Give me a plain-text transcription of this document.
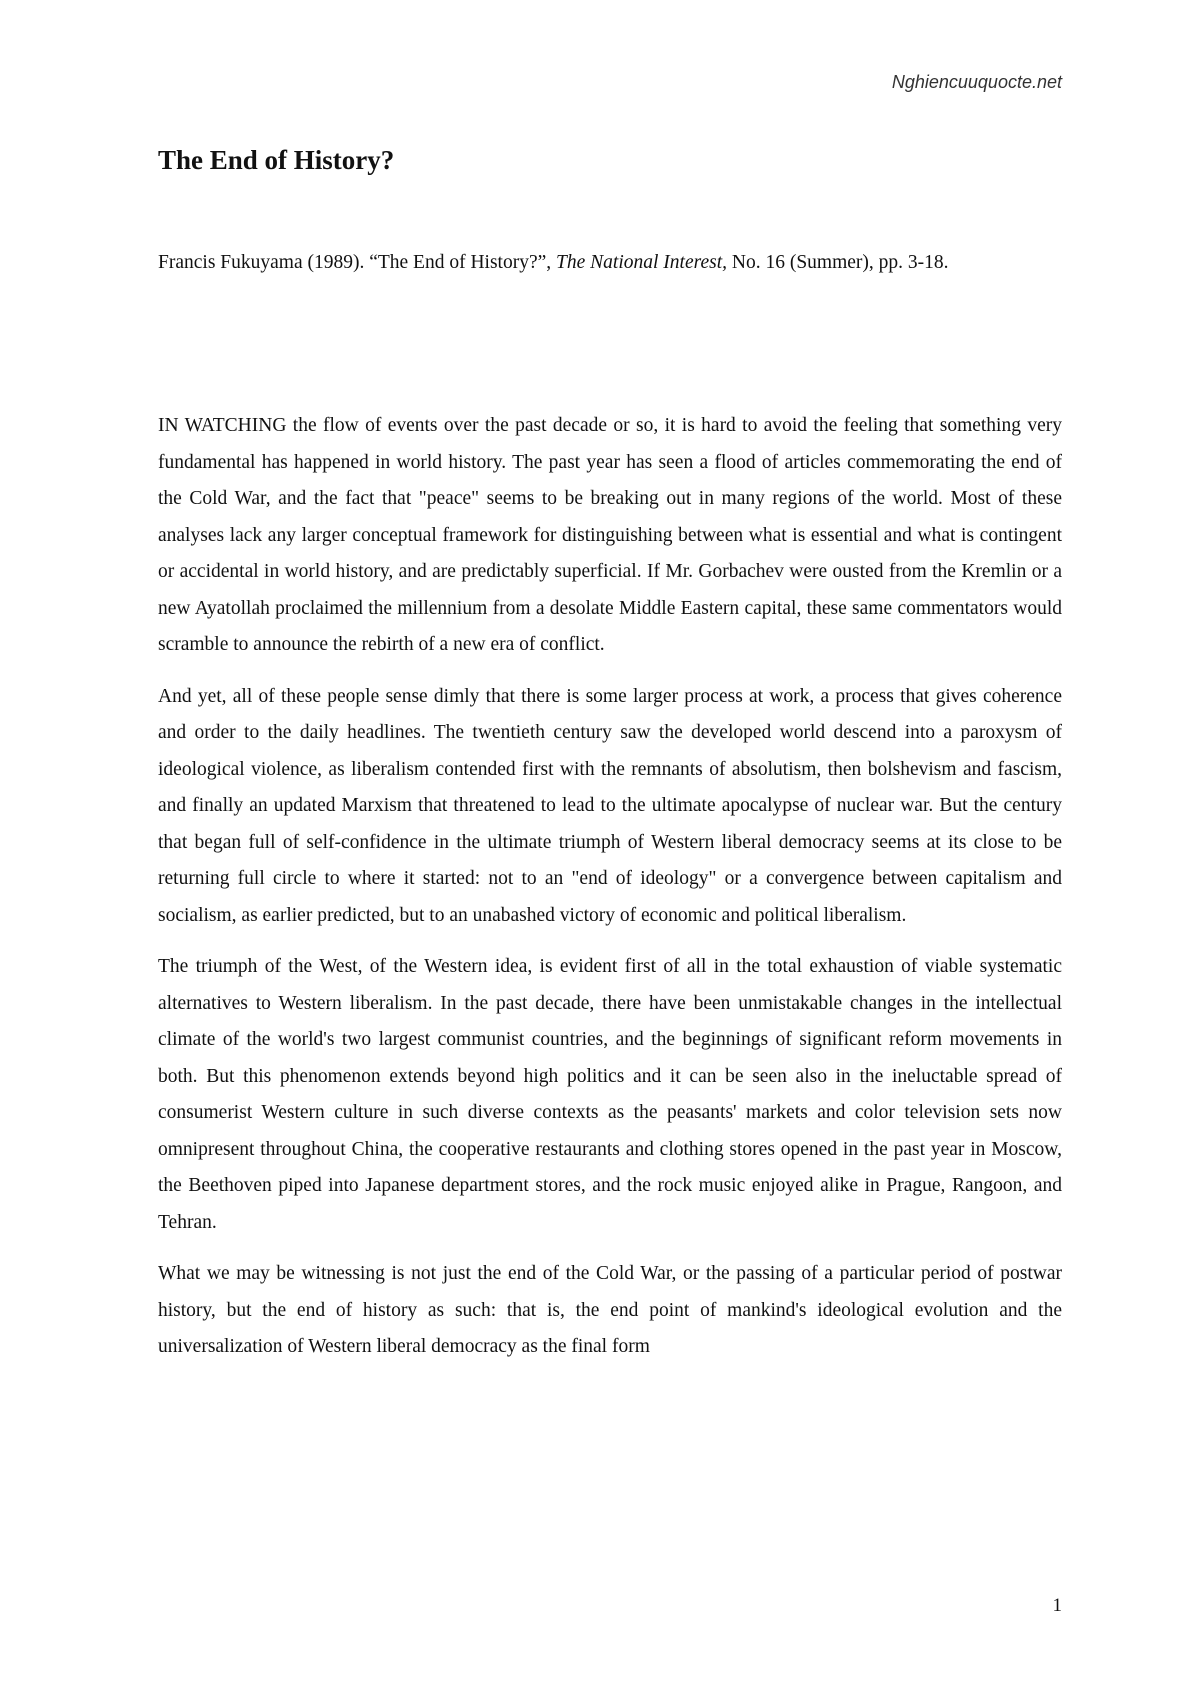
Nghiencuuquocte.net
The End of History?

Francis Fukuyama (1989). “The End of History?”, The National Interest, No. 16 (Summer), pp. 3-18.

IN WATCHING the flow of events over the past decade or so, it is hard to avoid the feeling that something very fundamental has happened in world history. The past year has seen a flood of articles commemorating the end of the Cold War, and the fact that "peace" seems to be breaking out in many regions of the world. Most of these analyses lack any larger conceptual framework for distinguishing between what is essential and what is contingent or accidental in world history, and are predictably superficial. If Mr. Gorbachev were ousted from the Kremlin or a new Ayatollah proclaimed the millennium from a desolate Middle Eastern capital, these same commentators would scramble to announce the rebirth of a new era of conflict.

And yet, all of these people sense dimly that there is some larger process at work, a process that gives coherence and order to the daily headlines. The twentieth century saw the developed world descend into a paroxysm of ideological violence, as liberalism contended first with the remnants of absolutism, then bolshevism and fascism, and finally an updated Marxism that threatened to lead to the ultimate apocalypse of nuclear war. But the century that began full of self-confidence in the ultimate triumph of Western liberal democracy seems at its close to be returning full circle to where it started: not to an "end of ideology" or a convergence between capitalism and socialism, as earlier predicted, but to an unabashed victory of economic and political liberalism.

The triumph of the West, of the Western idea, is evident first of all in the total exhaustion of viable systematic alternatives to Western liberalism. In the past decade, there have been unmistakable changes in the intellectual climate of the world's two largest communist countries, and the beginnings of significant reform movements in both. But this phenomenon extends beyond high politics and it can be seen also in the ineluctable spread of consumerist Western culture in such diverse contexts as the peasants' markets and color television sets now omnipresent throughout China, the cooperative restaurants and clothing stores opened in the past year in Moscow, the Beethoven piped into Japanese department stores, and the rock music enjoyed alike in Prague, Rangoon, and Tehran.

What we may be witnessing is not just the end of the Cold War, or the passing of a particular period of postwar history, but the end of history as such: that is, the end point of mankind's ideological evolution and the universalization of Western liberal democracy as the final form

1
